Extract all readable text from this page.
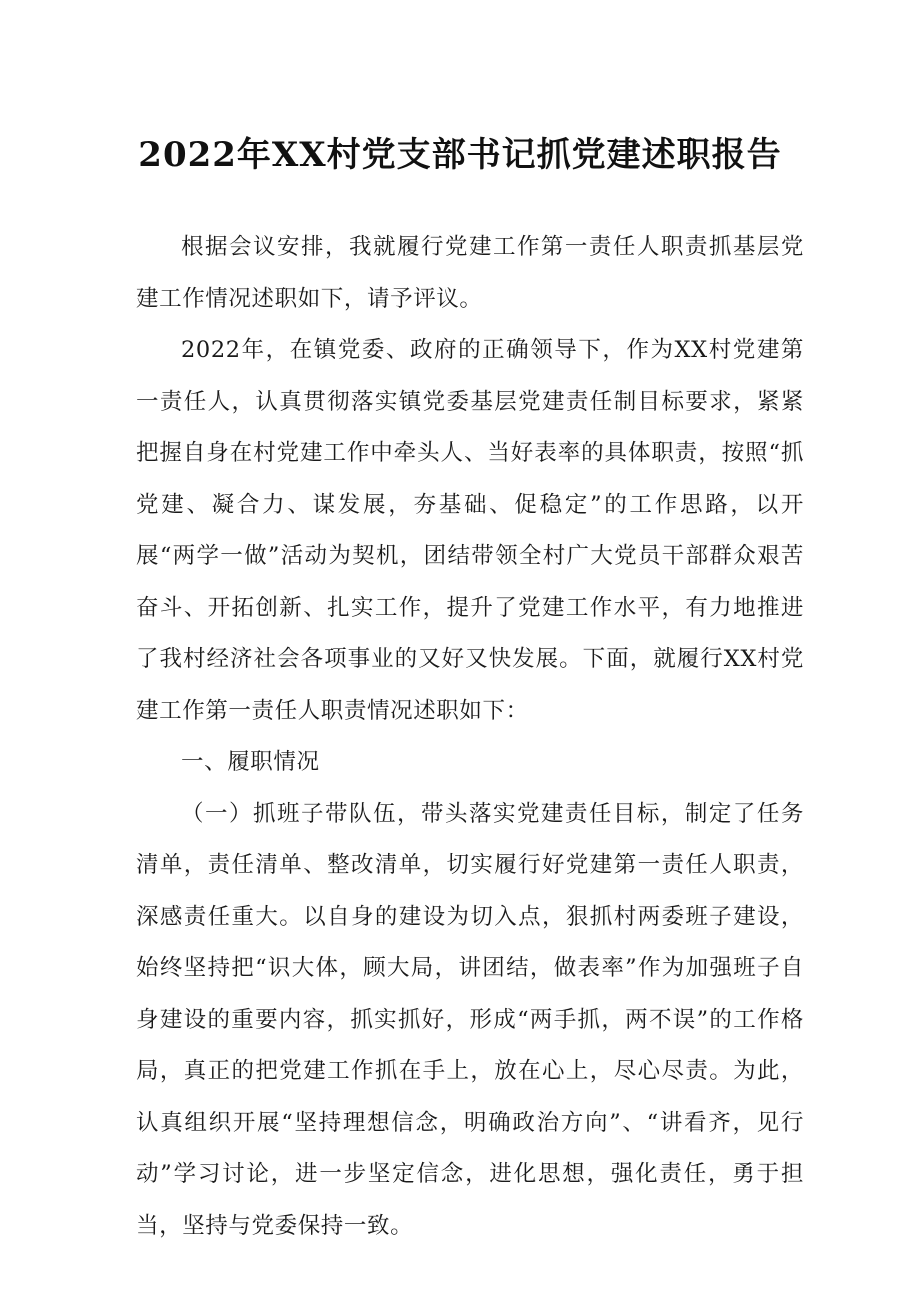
2022年XX村党支部书记抓党建述职报告

根据会议安排，我就履行党建工作第一责任人职责抓基层党建工作情况述职如下，请予评议。

2022年，在镇党委、政府的正确领导下，作为XX村党建第一责任人，认真贯彻落实镇党委基层党建责任制目标要求，紧紧把握自身在村党建工作中牵头人、当好表率的具体职责，按照“抓党建、凝合力、谋发展，夯基础、促稳定”的工作思路，以开展“两学一做”活动为契机，团结带领全村广大党员干部群众艰苦奋斗、开拓创新、扎实工作，提升了党建工作水平，有力地推进了我村经济社会各项事业的又好又快发展。下面，就履行XX村党建工作第一责任人职责情况述职如下：

一、履职情况

（一）抓班子带队伍，带头落实党建责任目标，制定了任务清单，责任清单、整改清单，切实履行好党建第一责任人职责，深感责任重大。以自身的建设为切入点，狠抓村两委班子建设，始终坚持把“识大体，顾大局，讲团结，做表率”作为加强班子自身建设的重要内容，抓实抓好，形成“两手抓，两不误”的工作格局，真正的把党建工作抓在手上，放在心上，尽心尽责。为此，认真组织开展“坚持理想信念，明确政治方向”、“讲看齐，见行动”学习讨论，进一步坚定信念，进化思想，强化责任，勇于担当，坚持与党委保持一致。
